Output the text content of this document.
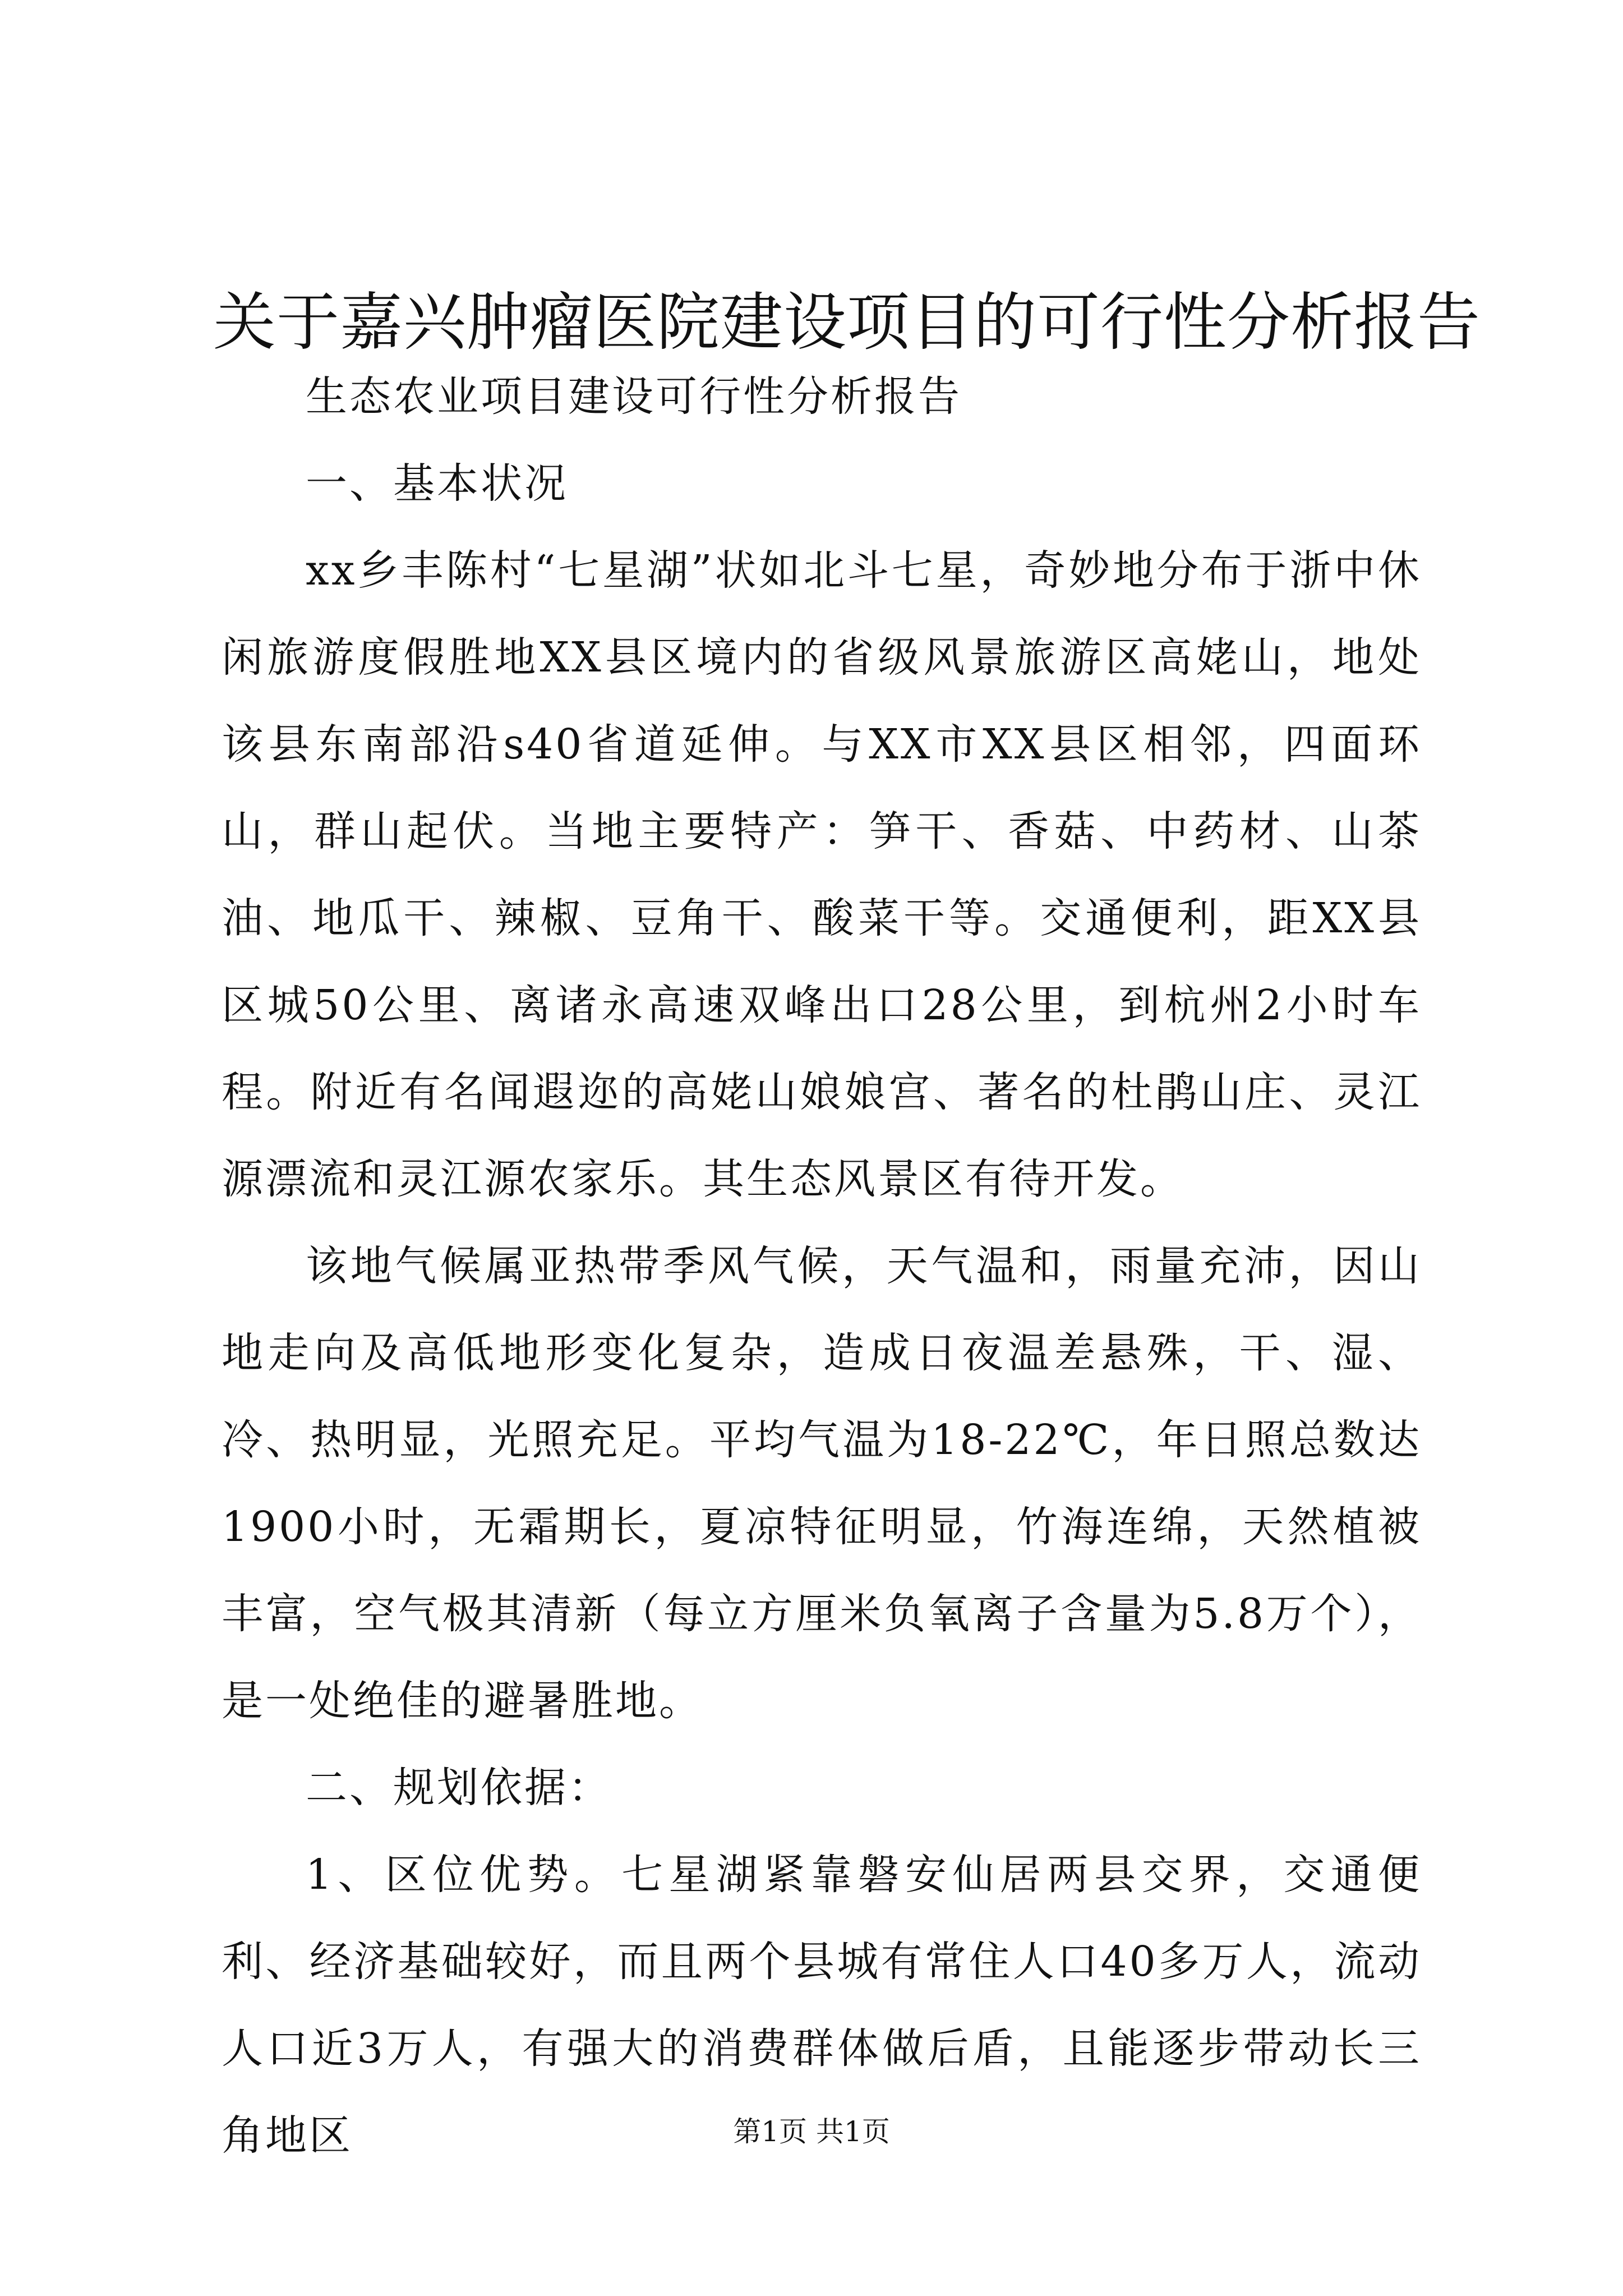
关于嘉兴肿瘤医院建设项目的可行性分析报告

生态农业项目建设可行性分析报告

一、基本状况

xx乡丰陈村“七星湖”状如北斗七星，奇妙地分布于浙中休闲旅游度假胜地XX县区境内的省级风景旅游区高姥山，地处该县东南部沿s40省道延伸。与XX市XX县区相邻，四面环山，群山起伏。当地主要特产：笋干、香菇、中药材、山茶油、地瓜干、辣椒、豆角干、酸菜干等。交通便利，距XX县区城50公里、离诸永高速双峰出口28公里，到杭州2小时车程。附近有名闻遐迩的高姥山娘娘宫、著名的杜鹃山庄、灵江源漂流和灵江源农家乐。其生态风景区有待开发。

该地气候属亚热带季风气候，天气温和，雨量充沛，因山地走向及高低地形变化复杂，造成日夜温差悬殊，干、湿、冷、热明显，光照充足。平均气温为18-22℃，年日照总数达1900小时，无霜期长，夏凉特征明显，竹海连绵，天然植被丰富，空气极其清新（每立方厘米负氧离子含量为5.8万个），是一处绝佳的避暑胜地。

二、规划依据：

1、区位优势。七星湖紧靠磐安仙居两县交界，交通便利、经济基础较好，而且两个县城有常住人口40多万人，流动人口近3万人，有强大的消费群体做后盾，且能逐步带动长三角地区	第1页 共1页
